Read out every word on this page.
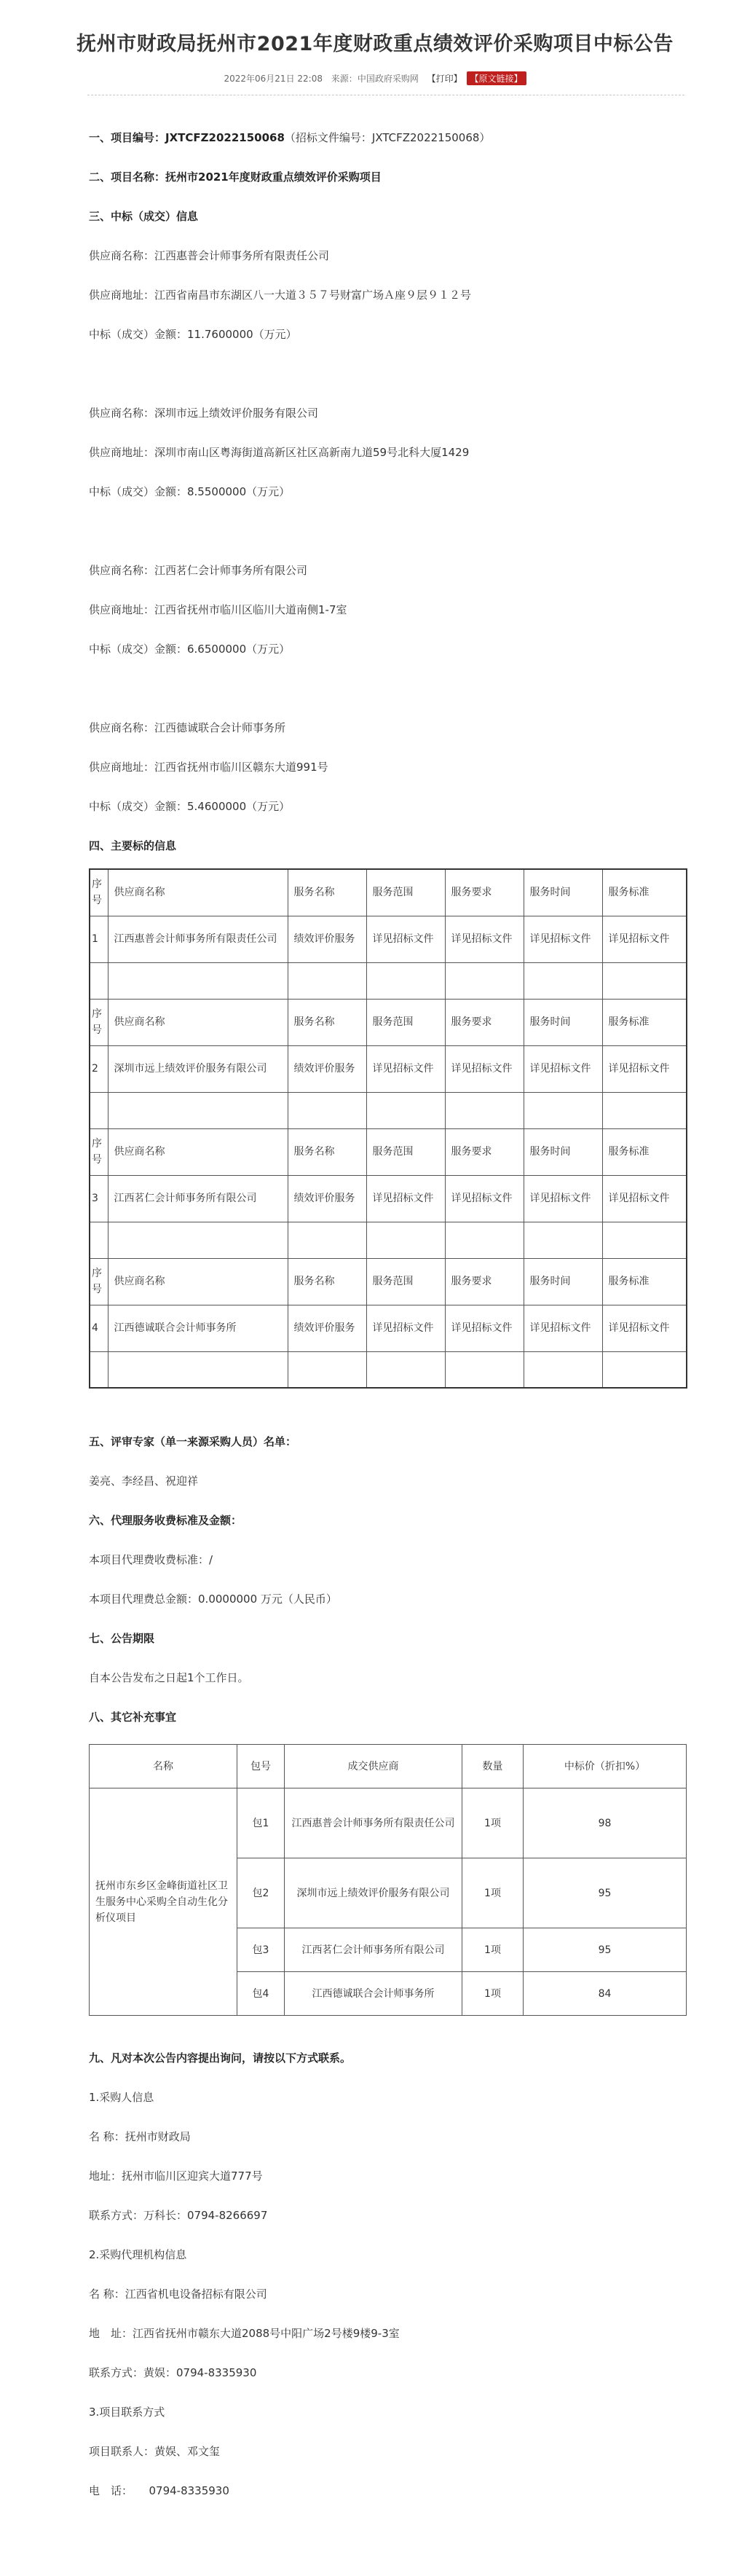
抚州市财政局抚州市2021年度财政重点绩效评价采购项目中标公告
2022年06月21日 22:08 来源：中国政府采购网 【打印】 【原文链接】
一、项目编号：JXTCFZ2022150068（招标文件编号：JXTCFZ2022150068）
二、项目名称：抚州市2021年度财政重点绩效评价采购项目
三、中标（成交）信息
供应商名称：江西惠普会计师事务所有限责任公司
供应商地址：江西省南昌市东湖区八一大道３５７号财富广场Ａ座９层９１２号
中标（成交）金额：11.7600000（万元）
供应商名称：深圳市远上绩效评价服务有限公司
供应商地址：深圳市南山区粤海街道高新区社区高新南九道59号北科大厦1429
中标（成交）金额：8.5500000（万元）
供应商名称：江西茗仁会计师事务所有限公司
供应商地址：江西省抚州市临川区临川大道南侧1-7室
中标（成交）金额：6.6500000（万元）
供应商名称：江西德诚联合会计师事务所
供应商地址：江西省抚州市临川区赣东大道991号
中标（成交）金额：5.4600000（万元）
四、主要标的信息
序号	供应商名称	服务名称	服务范围	服务要求	服务时间	服务标准
1	江西惠普会计师事务所有限责任公司	绩效评价服务	详见招标文件	详见招标文件	详见招标文件	详见招标文件

序号	供应商名称	服务名称	服务范围	服务要求	服务时间	服务标准
2	深圳市远上绩效评价服务有限公司	绩效评价服务	详见招标文件	详见招标文件	详见招标文件	详见招标文件

序号	供应商名称	服务名称	服务范围	服务要求	服务时间	服务标准
3	江西茗仁会计师事务所有限公司	绩效评价服务	详见招标文件	详见招标文件	详见招标文件	详见招标文件

序号	供应商名称	服务名称	服务范围	服务要求	服务时间	服务标准
4	江西德诚联合会计师事务所	绩效评价服务	详见招标文件	详见招标文件	详见招标文件	详见招标文件

五、评审专家（单一来源采购人员）名单：
姜亮、李经昌、祝迎祥
六、代理服务收费标准及金额：
本项目代理费收费标准：/
本项目代理费总金额：0.0000000 万元（人民币）
七、公告期限
自本公告发布之日起1个工作日。
八、其它补充事宜
名称	包号	成交供应商	数量	中标价（折扣%）
抚州市东乡区金峰街道社区卫生服务中心采购全自动生化分析仪项目	包1	江西惠普会计师事务所有限责任公司	1项	98
	包2	深圳市远上绩效评价服务有限公司	1项	95
	包3	江西茗仁会计师事务所有限公司	1项	95
	包4	江西德诚联合会计师事务所	1项	84
九、凡对本次公告内容提出询问，请按以下方式联系。
1.采购人信息
名 称：抚州市财政局
地址：抚州市临川区迎宾大道777号
联系方式：万科长：0794-8266697
2.采购代理机构信息
名 称：江西省机电设备招标有限公司
地　址：江西省抚州市赣东大道2088号中阳广场2号楼9楼9-3室
联系方式：黄娱：0794-8335930
3.项目联系方式
项目联系人：黄娱、邓文玺
电　话：　　0794-8335930
